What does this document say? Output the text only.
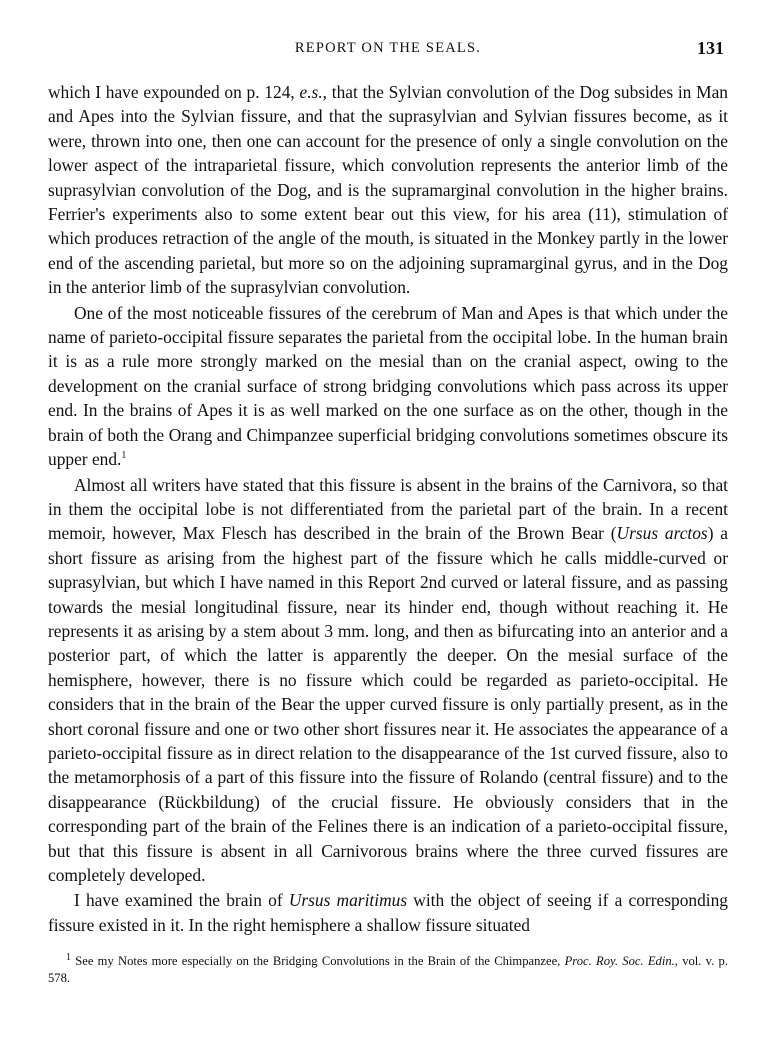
REPORT ON THE SEALS.	131

which I have expounded on p. 124, e.s., that the Sylvian convolution of the Dog subsides in Man and Apes into the Sylvian fissure, and that the suprasylvian and Sylvian fissures become, as it were, thrown into one, then one can account for the presence of only a single convolution on the lower aspect of the intraparietal fissure, which convolution represents the anterior limb of the suprasylvian convolution of the Dog, and is the supramarginal convolution in the higher brains. Ferrier's experiments also to some extent bear out this view, for his area (11), stimulation of which produces retraction of the angle of the mouth, is situated in the Monkey partly in the lower end of the ascending parietal, but more so on the adjoining supramarginal gyrus, and in the Dog in the anterior limb of the suprasylvian convolution.

One of the most noticeable fissures of the cerebrum of Man and Apes is that which under the name of parieto-occipital fissure separates the parietal from the occipital lobe. In the human brain it is as a rule more strongly marked on the mesial than on the cranial aspect, owing to the development on the cranial surface of strong bridging convolutions which pass across its upper end. In the brains of Apes it is as well marked on the one surface as on the other, though in the brain of both the Orang and Chimpanzee superficial bridging convolutions sometimes obscure its upper end.$^1$

Almost all writers have stated that this fissure is absent in the brains of the Carnivora, so that in them the occipital lobe is not differentiated from the parietal part of the brain. In a recent memoir, however, Max Flesch has described in the brain of the Brown Bear (Ursus arctos) a short fissure as arising from the highest part of the fissure which he calls middle-curved or suprasylvian, but which I have named in this Report 2nd curved or lateral fissure, and as passing towards the mesial longitudinal fissure, near its hinder end, though without reaching it. He represents it as arising by a stem about 3 mm. long, and then as bifurcating into an anterior and a posterior part, of which the latter is apparently the deeper. On the mesial surface of the hemisphere, however, there is no fissure which could be regarded as parieto-occipital. He considers that in the brain of the Bear the upper curved fissure is only partially present, as in the short coronal fissure and one or two other short fissures near it. He associates the appearance of a parieto-occipital fissure as in direct relation to the disappearance of the 1st curved fissure, also to the metamorphosis of a part of this fissure into the fissure of Rolando (central fissure) and to the disappearance (Rückbildung) of the crucial fissure. He obviously considers that in the corresponding part of the brain of the Felines there is an indication of a parieto-occipital fissure, but that this fissure is absent in all Carnivorous brains where the three curved fissures are completely developed.

I have examined the brain of Ursus maritimus with the object of seeing if a corresponding fissure existed in it. In the right hemisphere a shallow fissure situated

$^1$ See my Notes more especially on the Bridging Convolutions in the Brain of the Chimpanzee, Proc. Roy. Soc. Edin., vol. v. p. 578.
